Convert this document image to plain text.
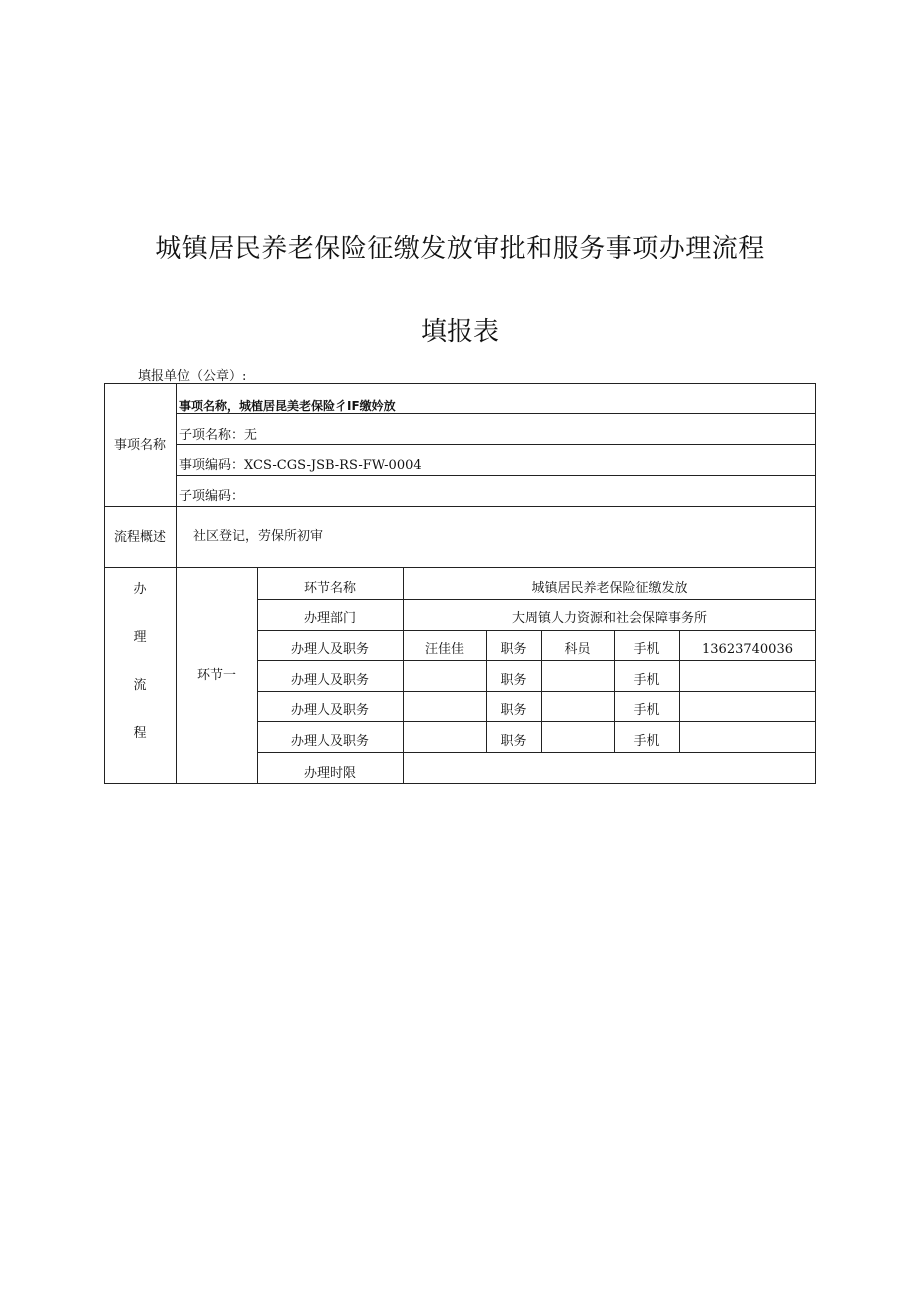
城镇居民养老保险征缴发放审批和服务事项办理流程
填报表
填报单位（公章）:
事项名称
事项名称，城植居昆美老保险彳IF缴妗放
子项名称：无
事项编码：XCS-CGS-JSB-RS-FW-0004
子项编码：
流程概述	社区登记，劳保所初审
办
理
流
程
环节一
环节名称	城镇居民养老保险征缴发放
办理部门	大周镇人力资源和社会保障事务所
办理人及职务	汪佳佳	职务	科员	手机	13623740036
办理人及职务	职务	手机
办理人及职务	职务	手机
办理人及职务	职务	手机
办理时限
